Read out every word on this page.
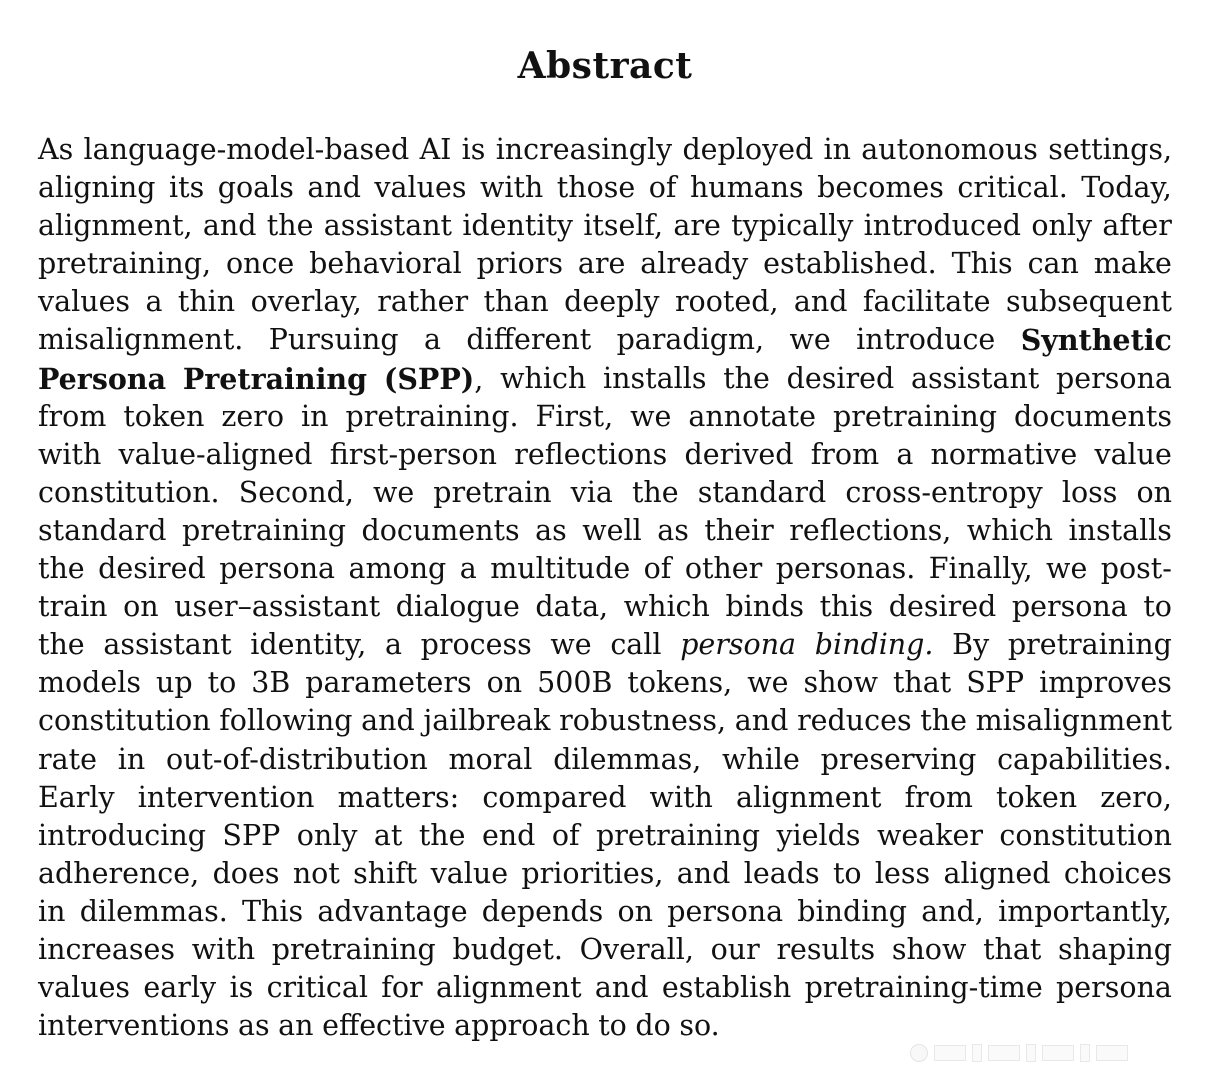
Abstract
As language-model-based AI is increasingly deployed in autonomous settings,
aligning its goals and values with those of humans becomes critical. Today,
alignment, and the assistant identity itself, are typically introduced only after
pretraining, once behavioral priors are already established. This can make
values a thin overlay, rather than deeply rooted, and facilitate subsequent
misalignment. Pursuing a different paradigm, we introduce Synthetic
Persona Pretraining (SPP), which installs the desired assistant persona
from token zero in pretraining. First, we annotate pretraining documents
with value-aligned first-person reflections derived from a normative value
constitution. Second, we pretrain via the standard cross-entropy loss on
standard pretraining documents as well as their reflections, which installs
the desired persona among a multitude of other personas. Finally, we post-
train on user–assistant dialogue data, which binds this desired persona to
the assistant identity, a process we call persona binding. By pretraining
models up to 3B parameters on 500B tokens, we show that SPP improves
constitution following and jailbreak robustness, and reduces the misalignment
rate in out-of-distribution moral dilemmas, while preserving capabilities.
Early intervention matters: compared with alignment from token zero,
introducing SPP only at the end of pretraining yields weaker constitution
adherence, does not shift value priorities, and leads to less aligned choices
in dilemmas. This advantage depends on persona binding and, importantly,
increases with pretraining budget. Overall, our results show that shaping
values early is critical for alignment and establish pretraining-time persona
interventions as an effective approach to do so.
